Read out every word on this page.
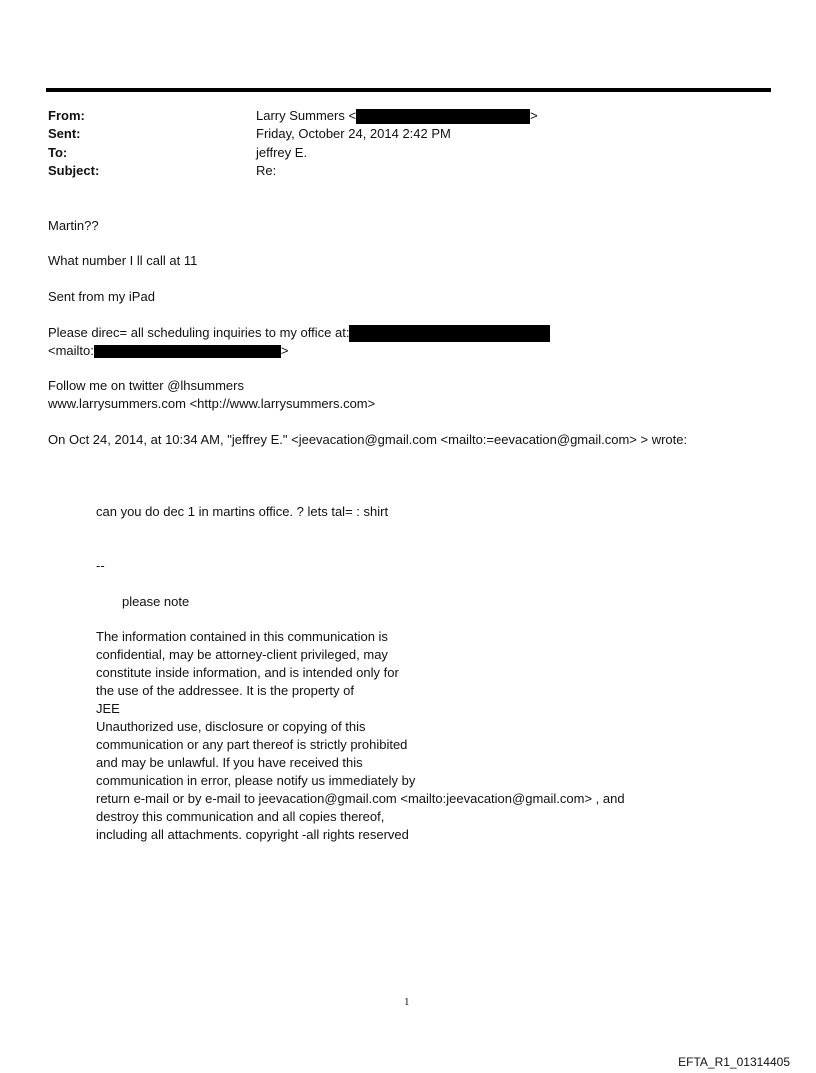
From:	Larry Summers <	>
Sent:	Friday, October 24, 2014 2:42 PM
To:	jeffrey E.
Subject:	Re:
Martin??
What number I ll call at 11
Sent from my iPad
Please direc= all scheduling inquiries to my office at:
<mailto:	>
Follow me on twitter @lhsummers
www.larrysummers.com <http://www.larrysummers.com>
On Oct 24, 2014, at 10:34 AM, "jeffrey E." <jeevacation@gmail.com <mailto:=eevacation@gmail.com> > wrote:
can you do dec 1 in martins office. ? lets tal= : shirt
--
please note
The information contained in this communication is
confidential, may be attorney-client privileged, may
constitute inside information, and is intended only for
the use of the addressee. It is the property of
JEE
Unauthorized use, disclosure or copying of this
communication or any part thereof is strictly prohibited
and may be unlawful. If you have received this
communication in error, please notify us immediately by
return e-mail or by e-mail to jeevacation@gmail.com <mailto:jeevacation@gmail.com> , and
destroy this communication and all copies thereof,
including all attachments. copyright -all rights reserved
1
EFTA_R1_01314405
